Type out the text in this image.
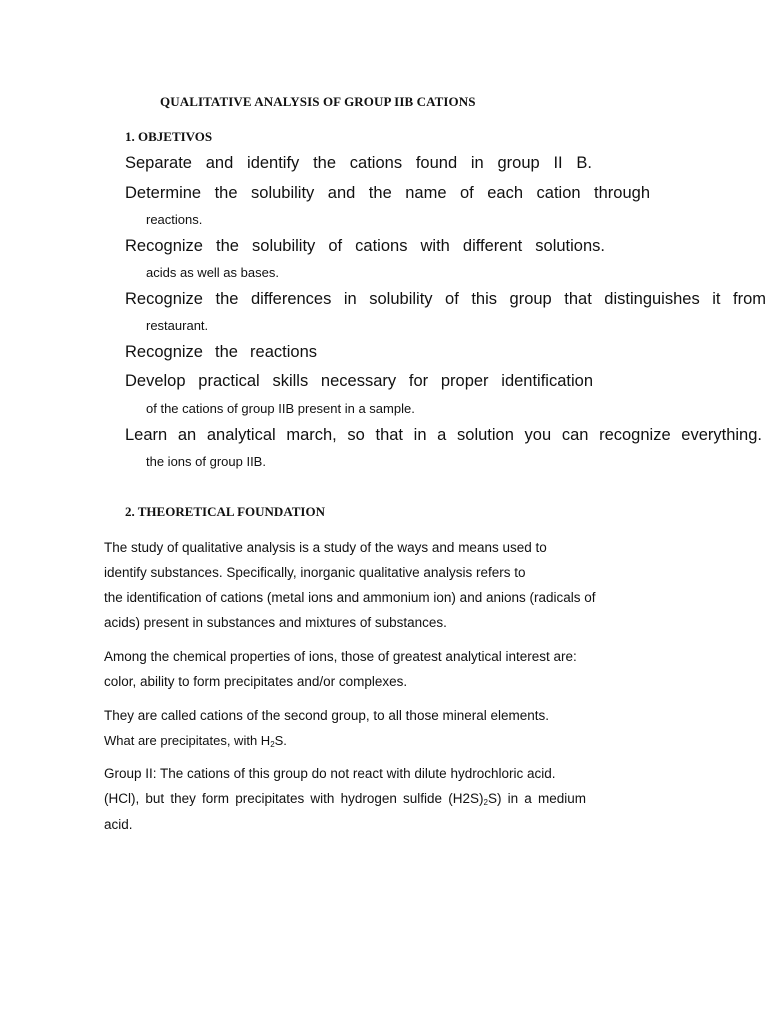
QUALITATIVE ANALYSIS OF GROUP IIB CATIONS
1. OBJETIVOS
Separate and identify the cations found in group II B.
Determine the solubility and the name of each cation through
reactions.
Recognize the solubility of cations with different solutions.
acids as well as bases.
Recognize the differences in solubility of this group that distinguishes it from
restaurant.
Recognize the reactions
Develop practical skills necessary for proper identification
of the cations of group IIB present in a sample.
Learn an analytical march, so that in a solution you can recognize everything.
the ions of group IIB.
2. THEORETICAL FOUNDATION
The study of qualitative analysis is a study of the ways and means used to
identify substances. Specifically, inorganic qualitative analysis refers to
the identification of cations (metal ions and ammonium ion) and anions (radicals of
acids) present in substances and mixtures of substances.
Among the chemical properties of ions, those of greatest analytical interest are:
color, ability to form precipitates and/or complexes.
They are called cations of the second group, to all those mineral elements.
What are precipitates, with $H_2S$.
Group II: The cations of this group do not react with dilute hydrochloric acid.
(HCl), but they form precipitates with hydrogen sulfide $(H2S)_2S$) in a medium
acid.
